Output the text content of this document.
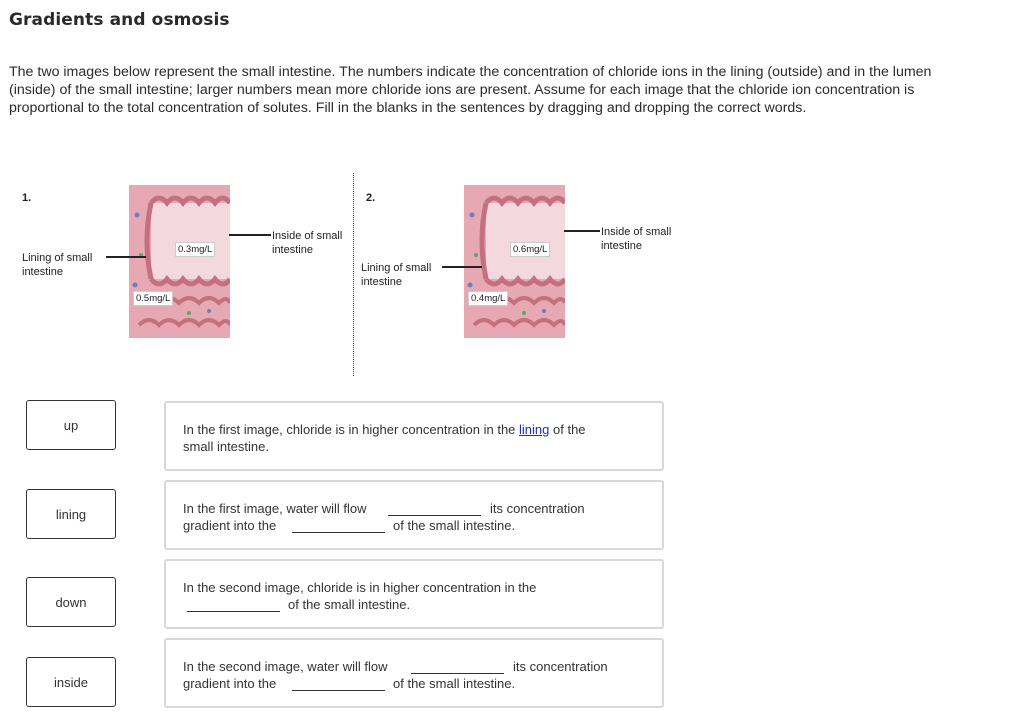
Gradients and osmosis
The two images below represent the small intestine. The numbers indicate the concentration of chloride ions in the lining (outside) and in the lumen (inside) of the small intestine; larger numbers mean more chloride ions are present. Assume for each image that the chloride ion concentration is proportional to the total concentration of solutes. Fill in the blanks in the sentences by dragging and dropping the correct words.
1.
0.3mg/L
0.5mg/L
Inside of small
intestine
Lining of small
intestine
2.
0.6mg/L
0.4mg/L
Inside of small
intestine
Lining of small
intestine
up
lining
down
inside
In the first image, chloride is in higher concentration in the lining of the
small intestine.
In the first image, water will flow	its concentration
gradient into the	of the small intestine.
In the second image, chloride is in higher concentration in the
of the small intestine.
In the second image, water will flow	its concentration
gradient into the	of the small intestine.
